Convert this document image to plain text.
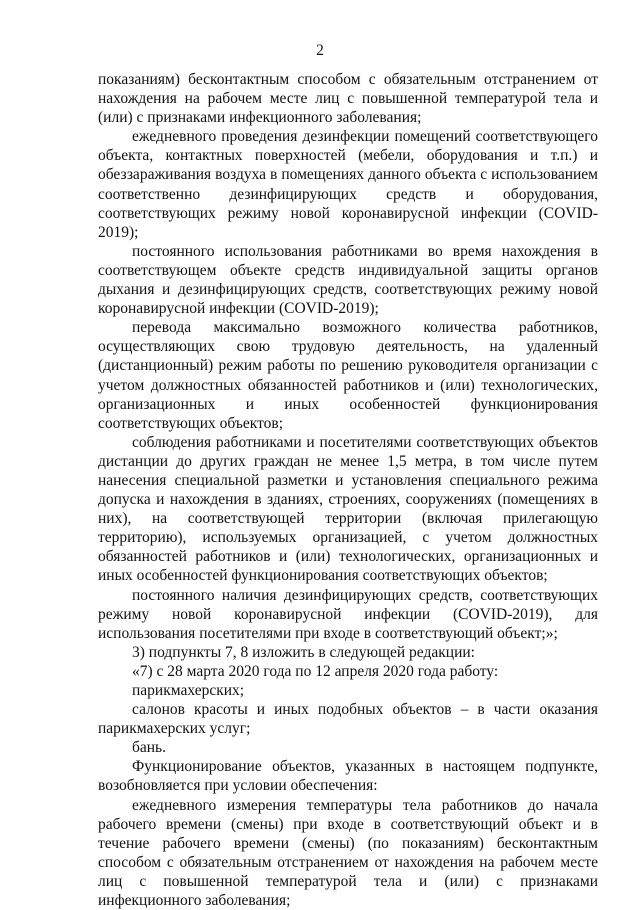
2

показаниям) бесконтактным способом с обязательным отстранением от нахождения на рабочем месте лиц с повышенной температурой тела и (или) с признаками инфекционного заболевания;

ежедневного проведения дезинфекции помещений соответствующего объекта, контактных поверхностей (мебели, оборудования и т.п.) и обеззараживания воздуха в помещениях данного объекта с использованием соответственно дезинфицирующих средств и оборудования, соответствующих режиму новой коронавирусной инфекции (COVID-2019);

постоянного использования работниками во время нахождения в соответствующем объекте средств индивидуальной защиты органов дыхания и дезинфицирующих средств, соответствующих режиму новой коронавирусной инфекции (COVID-2019);

перевода максимально возможного количества работников, осуществляющих свою трудовую деятельность, на удаленный (дистанционный) режим работы по решению руководителя организации с учетом должностных обязанностей работников и (или) технологических, организационных и иных особенностей функционирования соответствующих объектов;

соблюдения работниками и посетителями соответствующих объектов дистанции до других граждан не менее 1,5 метра, в том числе путем нанесения специальной разметки и установления специального режима допуска и нахождения в зданиях, строениях, сооружениях (помещениях в них), на соответствующей территории (включая прилегающую территорию), используемых организацией, с учетом должностных обязанностей работников и (или) технологических, организационных и иных особенностей функционирования соответствующих объектов;

постоянного наличия дезинфицирующих средств, соответствующих режиму новой коронавирусной инфекции (COVID-2019), для использования посетителями при входе в соответствующий объект;»;

3) подпункты 7, 8 изложить в следующей редакции:

«7) с 28 марта 2020 года по 12 апреля 2020 года работу:

парикмахерских;

салонов красоты и иных подобных объектов – в части оказания парикмахерских услуг;

бань.

Функционирование объектов, указанных в настоящем подпункте, возобновляется при условии обеспечения:

ежедневного измерения температуры тела работников до начала рабочего времени (смены) при входе в соответствующий объект и в течение рабочего времени (смены) (по показаниям) бесконтактным способом с обязательным отстранением от нахождения на рабочем месте лиц с повышенной температурой тела и (или) с признаками инфекционного заболевания;
